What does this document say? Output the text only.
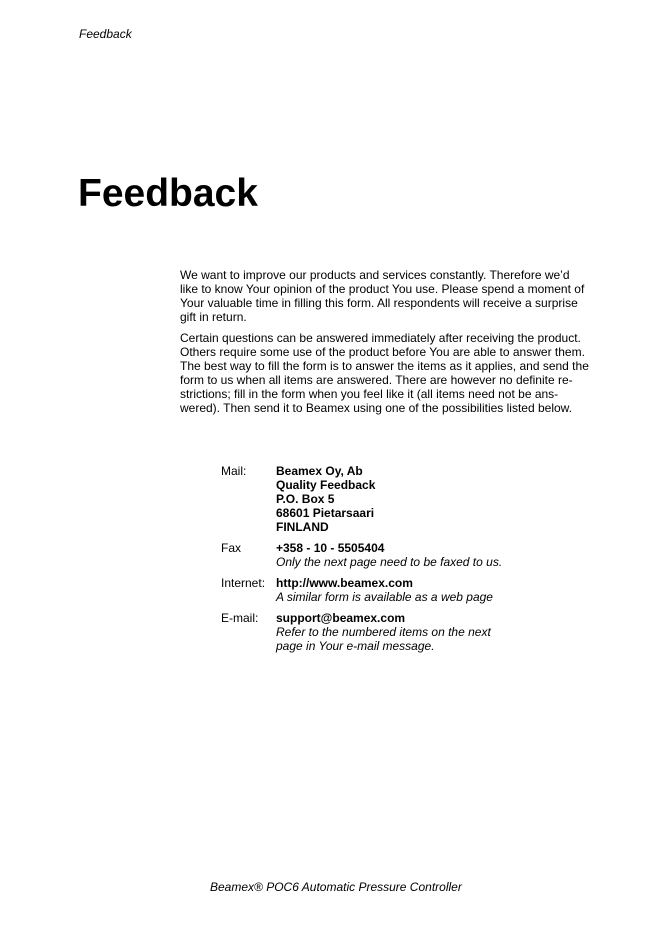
Feedback
Feedback

We want to improve our products and services constantly. Therefore we’d

like to know Your opinion of the product You use. Please spend a moment of

Your valuable time in filling this form. All respondents will receive a surprise

gift in return.

Certain questions can be answered immediately after receiving the product.

Others require some use of the product before You are able to answer them.

The best way to fill the form is to answer the items as it applies, and send the

form to us when all items are answered. There are however no definite re-

strictions; fill in the form when you feel like it (all items need not be ans-

wered). Then send it to Beamex using one of the possibilities listed below.

Mail:	Beamex Oy, Ab
Quality Feedback
P.O. Box 5
68601 Pietarsaari
FINLAND
Fax	+358 - 10 - 5505404
Only the next page need to be faxed to us.
Internet: http://www.beamex.com
A similar form is available as a web page
E-mail:	support@beamex.com
Refer to the numbered items on the next
page in Your e-mail message.
Beamex® POC6 Automatic Pressure Controller
